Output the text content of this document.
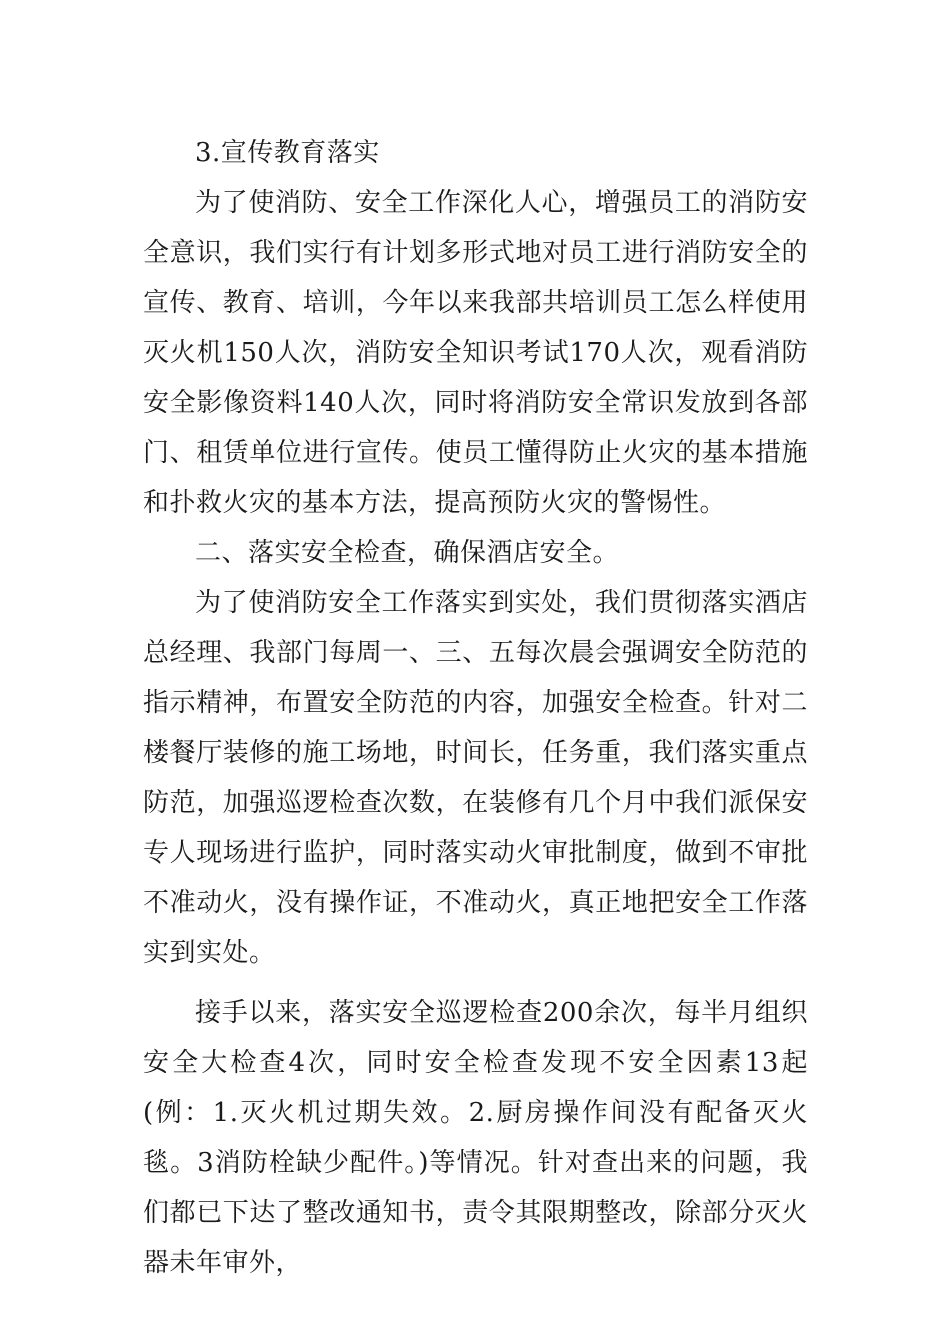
3.宣传教育落实

为了使消防、安全工作深化人心，增强员工的消防安全意识，我们实行有计划多形式地对员工进行消防安全的宣传、教育、培训，今年以来我部共培训员工怎么样使用灭火机150人次，消防安全知识考试170人次，观看消防安全影像资料140人次，同时将消防安全常识发放到各部门、租赁单位进行宣传。使员工懂得防止火灾的基本措施和扑救火灾的基本方法，提高预防火灾的警惕性。

二、落实安全检查，确保酒店安全。

为了使消防安全工作落实到实处，我们贯彻落实酒店总经理、我部门每周一、三、五每次晨会强调安全防范的指示精神，布置安全防范的内容，加强安全检查。针对二楼餐厅装修的施工场地，时间长，任务重，我们落实重点防范，加强巡逻检查次数，在装修有几个月中我们派保安专人现场进行监护，同时落实动火审批制度，做到不审批不准动火，没有操作证，不准动火，真正地把安全工作落实到实处。

接手以来，落实安全巡逻检查200余次，每半月组织安全大检查4次，同时安全检查发现不安全因素13起(例：1.灭火机过期失效。2.厨房操作间没有配备灭火毯。3消防栓缺少配件。)等情况。针对查出来的问题，我们都已下达了整改通知书，责令其限期整改，除部分灭火器未年审外，
